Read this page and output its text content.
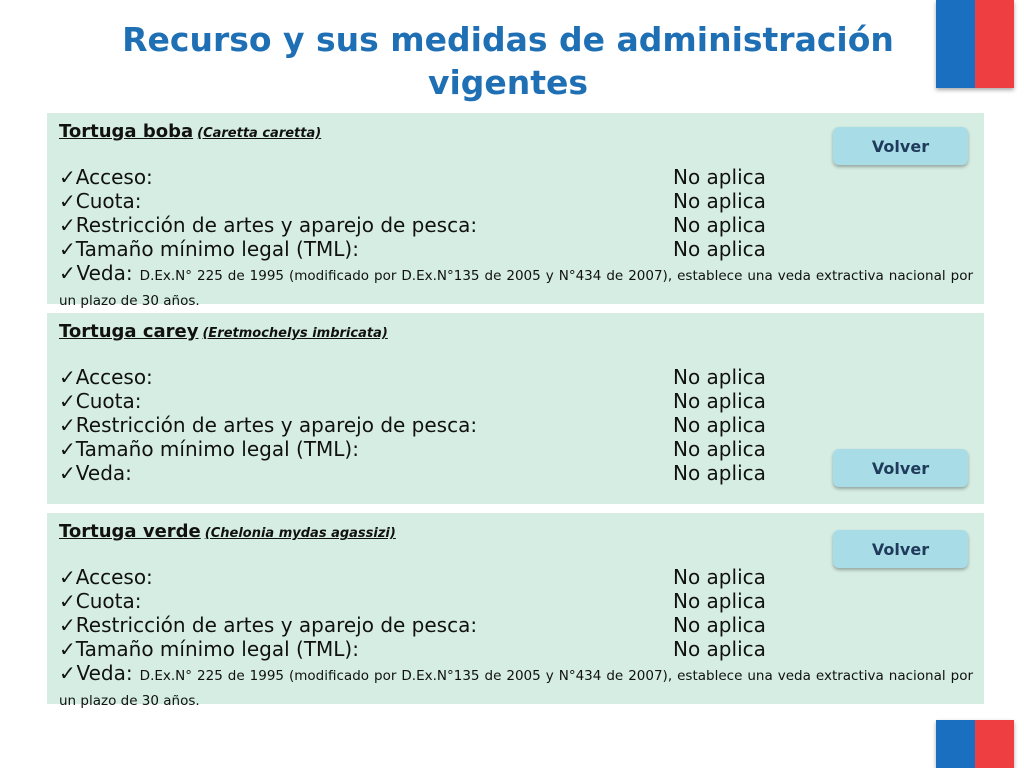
Recurso y sus medidas de administración vigentes
Tortuga boba (Caretta caretta)
✓Acceso:	No aplica
✓Cuota:	No aplica
✓Restricción de artes y aparejo de pesca:	No aplica
✓Tamaño mínimo legal (TML):	No aplica
✓Veda: D.Ex.N° 225 de 1995 (modificado por D.Ex.N°135 de 2005 y N°434 de 2007), establece una veda extractiva nacional por un plazo de 30 años.
Tortuga carey (Eretmochelys imbricata)
✓Acceso:	No aplica
✓Cuota:	No aplica
✓Restricción de artes y aparejo de pesca:	No aplica
✓Tamaño mínimo legal (TML):	No aplica
✓Veda:	No aplica
Tortuga verde (Chelonia mydas agassizi)
✓Acceso:	No aplica
✓Cuota:	No aplica
✓Restricción de artes y aparejo de pesca:	No aplica
✓Tamaño mínimo legal (TML):	No aplica
✓Veda: D.Ex.N° 225 de 1995 (modificado por D.Ex.N°135 de 2005 y N°434 de 2007), establece una veda extractiva nacional por un plazo de 30 años.
Volver
Volver
Volver
